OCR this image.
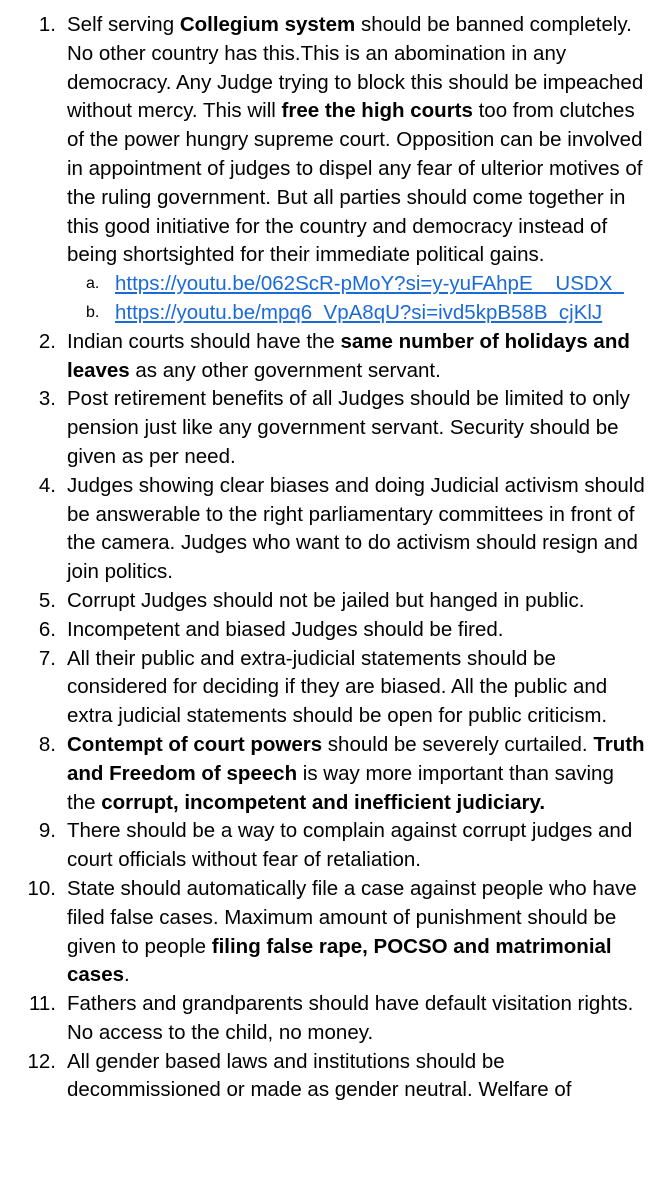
1. Self serving Collegium system should be banned completely. No other country has this.This is an abomination in any democracy. Any Judge trying to block this should be impeached without mercy. This will free the high courts too from clutches of the power hungry supreme court. Opposition can be involved in appointment of judges to dispel any fear of ulterior motives of the ruling government. But all parties should come together in this good initiative for the country and democracy instead of being shortsighted for their immediate political gains.
a. https://youtu.be/062ScR-pMoY?si=y-yuFAhpE__USDX_
b. https://youtu.be/mpq6_VpA8qU?si=ivd5kpB58B_cjKlJ
2. Indian courts should have the same number of holidays and leaves as any other government servant.
3. Post retirement benefits of all Judges should be limited to only pension just like any government servant. Security should be given as per need.
4. Judges showing clear biases and doing Judicial activism should be answerable to the right parliamentary committees in front of the camera. Judges who want to do activism should resign and join politics.
5. Corrupt Judges should not be jailed but hanged in public.
6. Incompetent and biased Judges should be fired.
7. All their public and extra-judicial statements should be considered for deciding if they are biased. All the public and extra judicial statements should be open for public criticism.
8. Contempt of court powers should be severely curtailed. Truth and Freedom of speech is way more important than saving the corrupt, incompetent and inefficient judiciary.
9. There should be a way to complain against corrupt judges and court officials without fear of retaliation.
10. State should automatically file a case against people who have filed false cases. Maximum amount of punishment should be given to people filing false rape, POCSO and matrimonial cases.
11. Fathers and grandparents should have default visitation rights. No access to the child, no money.
12. All gender based laws and institutions should be decommissioned or made as gender neutral. Welfare of
